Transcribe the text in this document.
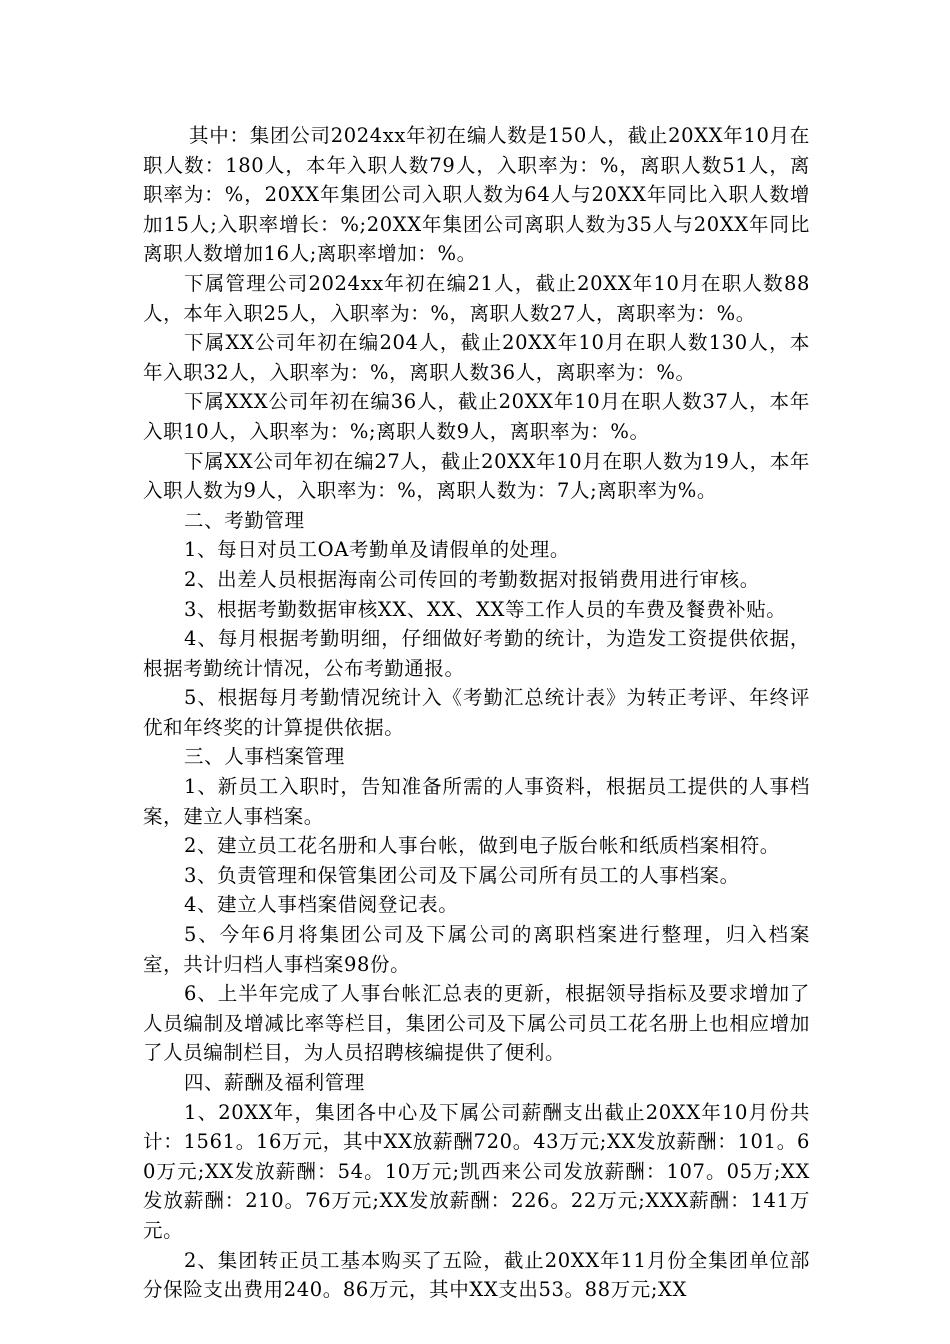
其中：集团公司2024xx年初在编人数是150人，截止20XX年10月在职人数：180人，本年入职人数79人，入职率为：%，离职人数51人，离职率为：%，20XX年集团公司入职人数为64人与20XX年同比入职人数增加15人;入职率增长：%;20XX年集团公司离职人数为35人与20XX年同比离职人数增加16人;离职率增加：%。

下属管理公司2024xx年初在编21人，截止20XX年10月在职人数88人，本年入职25人，入职率为：%，离职人数27人，离职率为：%。

下属XX公司年初在编204人，截止20XX年10月在职人数130人，本年入职32人，入职率为：%，离职人数36人，离职率为：%。

下属XXX公司年初在编36人，截止20XX年10月在职人数37人，本年入职10人，入职率为：%;离职人数9人，离职率为：%。

下属XX公司年初在编27人，截止20XX年10月在职人数为19人，本年入职人数为9人，入职率为：%，离职人数为：7人;离职率为%。

二、考勤管理

1、每日对员工OA考勤单及请假单的处理。

2、出差人员根据海南公司传回的考勤数据对报销费用进行审核。

3、根据考勤数据审核XX、XX、XX等工作人员的车费及餐费补贴。

4、每月根据考勤明细，仔细做好考勤的统计，为造发工资提供依据，根据考勤统计情况，公布考勤通报。

5、根据每月考勤情况统计入《考勤汇总统计表》为转正考评、年终评优和年终奖的计算提供依据。

三、人事档案管理

1、新员工入职时，告知准备所需的人事资料，根据员工提供的人事档案，建立人事档案。

2、建立员工花名册和人事台帐，做到电子版台帐和纸质档案相符。

3、负责管理和保管集团公司及下属公司所有员工的人事档案。

4、建立人事档案借阅登记表。

5、今年6月将集团公司及下属公司的离职档案进行整理，归入档案室，共计归档人事档案98份。

6、上半年完成了人事台帐汇总表的更新，根据领导指标及要求增加了人员编制及增减比率等栏目，集团公司及下属公司员工花名册上也相应增加了人员编制栏目，为人员招聘核编提供了便利。

四、薪酬及福利管理

1、20XX年，集团各中心及下属公司薪酬支出截止20XX年10月份共计：1561。16万元，其中XX放薪酬720。43万元;XX发放薪酬：101。60万元;XX发放薪酬：54。10万元;凯西来公司发放薪酬：107。05万;XX发放薪酬：210。76万元;XX发放薪酬：226。22万元;XXX薪酬：141万元。

2、集团转正员工基本购买了五险，截止20XX年11月份全集团单位部分保险支出费用240。86万元，其中XX支出53。88万元;XX
